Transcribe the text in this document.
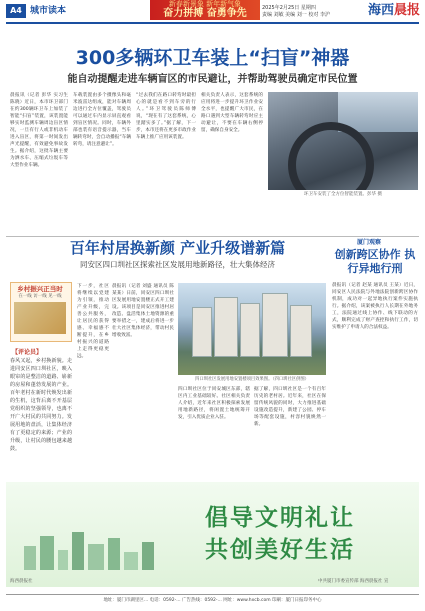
A4 城市读本
新春新景象 新年新气象
奋力拼搏 奋勇争先	2025年2月25日 星期四
责编 刘敏 美编 刘一 校对 李沪	海西晨报
300多辆环卫车装上“扫盲”神器
能自动提醒走进车辆盲区的市民避让，并帮助驾驶员确定市民位置
晨报讯（记者 彭华 实习生 陈晓）近日，本市环卫部门在约300辆环卫车上加装了智能“扫盲”装置，该装置能够实时监测车辆周边盲区情况，一旦有行人或非机动车进入盲区，将第一时间发出声光提醒，有效避免事故发生。据介绍，这批车辆主要为洒水车、压缩式垃圾车等大型作业车辆。
车载装置由多个摄像头和毫米波雷达组成，能对车辆周边进行全方位覆盖，驾驶员可以通过车内显示屏直观看到盲区情况。同时，车辆外部也装有语音提示器，当车辆转弯时，会自动播报“车辆转弯，请注意避让”。
“过去我们在路口转弯时最担心的就是看不到车旁的行人。”环卫驾驶员陈师傅说，“现在有了这套系统，心里踏实多了。”据了解，下一步，本市还将在更多市政作业车辆上推广应用该装置。
相关负责人表示，这套系统的应用将进一步提升环卫作业安全水平，也提醒广大市民，在路口遇到大型车辆转弯时应主动避让，不要在车辆右侧停留，确保自身安全。
环卫车安装了全方位智能装置。彭华 摄
百年村居换新颜 产业升级谱新篇
同安区四口圳社区探索社区发展用地新路径，壮大集体经济
乡村振兴正当时
在一线 访一线 见一线
【评论员】
春风又起，乡村换新貌。走进同安区四口圳社区，映入眼帘的是整洁的道路、崭新的房屋和蓬勃发展的产业。百年老村在新时代焕发出新的生机，这背后离不开基层党组织的坚强领导，也离不开广大村民的共同努力。发展用地的盘活，让集体经济有了更稳定的来源；产业的升级，让村民的腰包越来越鼓。
晨报讯（记者 刘盛 通讯员 陈某某）日前，同安区四口圳社区发展用地安置楼正式开工建设。该项目是同安区推进村居改造、盘活集体土地资源的重要举措之一，建成后将进一步壮大社区集体经济，带动村民增收致富。
四口圳社区位于同安城区东部，辖区内工业基础较好。社区相关负责人介绍，近年来社区积极探索发展用地新路径，将闲置土地统筹开发，引入优质企业入驻。
据了解，四口圳社区是一个有百年历史的老村居。近年来，社区在保留传统风貌的同时，大力推进基础设施改造提升，新建了公园、停车场等配套设施，村容村貌焕然一新。
下一步，社区将继续以党建为引领，推动产业升级，完善公共服务，让居民的获得感、幸福感不断提升，在乡村振兴的道路上走得更稳更远。
四口圳社区发展用地安置楼项目效果图。（四口圳社区供图）
厦门观察
创新跨区协作 执行异地行刑
晨报讯（记者 赵某 通讯员 王某）近日，同安区人民法院与外地法院创新跨区协作机制，成功对一起异地执行案件实施执行。据介绍，该案被执行人长期在外地务工，法院通过线上协作、线下联动的方式，顺利完成了财产查控和执行工作，切实维护了申请人的合法权益。
倡导文明礼让
共创美好生活
海西晨报社	中共厦门市委宣传部 海西晨报社 宣
地址：厦门市湖里区... 电话：0592-... 广告热线：0592-... 网址：www.hxcb.com 印刷：厦门日报印务中心
